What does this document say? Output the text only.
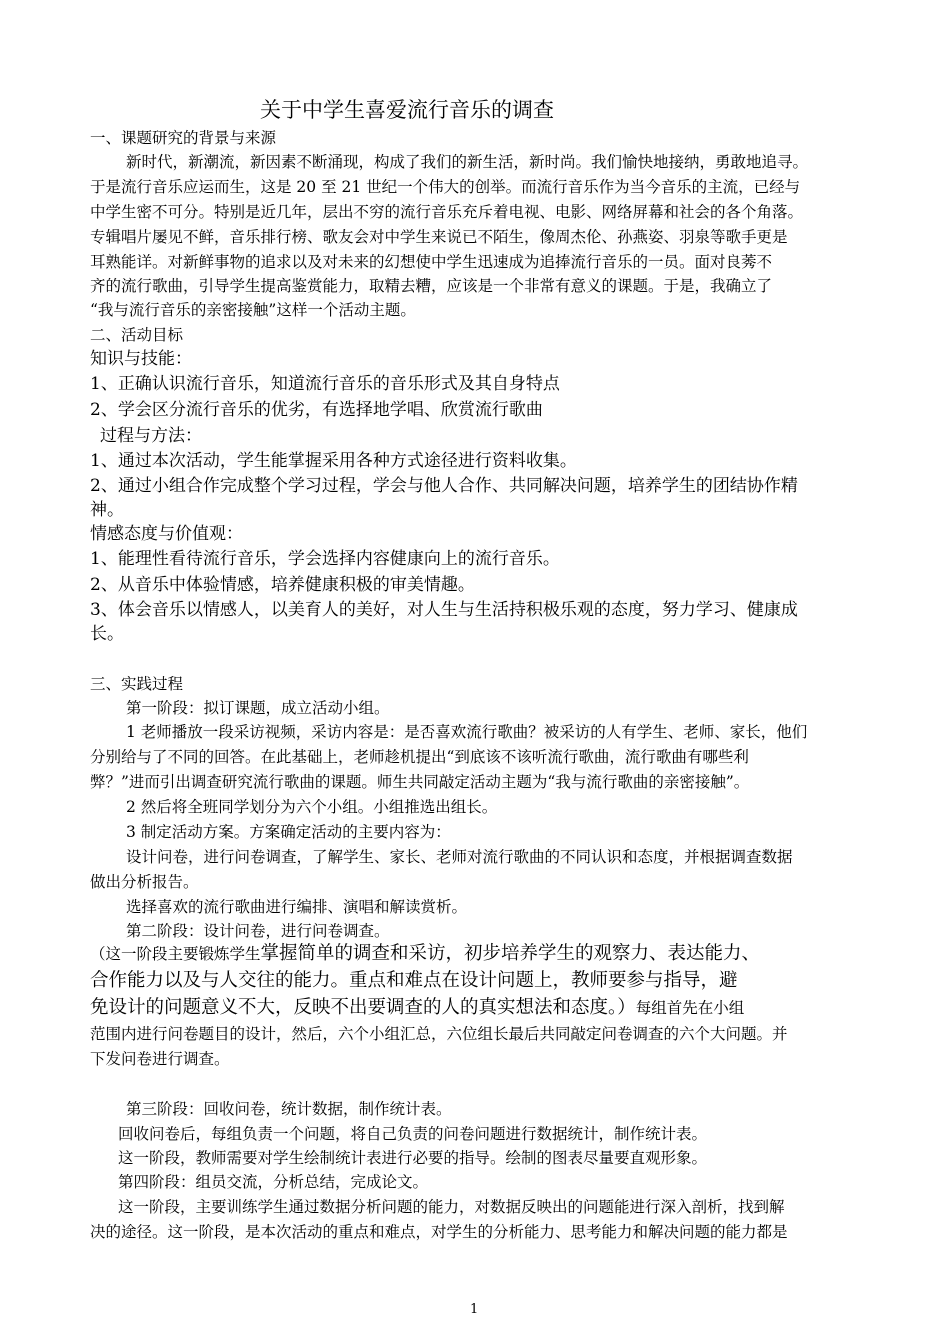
关于中学生喜爱流行音乐的调查
一、课题研究的背景与来源
新时代，新潮流，新因素不断涌现，构成了我们的新生活，新时尚。我们愉快地接纳，勇敢地追寻。
于是流行音乐应运而生，这是 20 至 21 世纪一个伟大的创举。而流行音乐作为当今音乐的主流，已经与
中学生密不可分。特别是近几年，层出不穷的流行音乐充斥着电视、电影、网络屏幕和社会的各个角落。
专辑唱片屡见不鲜，音乐排行榜、歌友会对中学生来说已不陌生，像周杰伦、孙燕姿、羽泉等歌手更是
耳熟能详。对新鲜事物的追求以及对未来的幻想使中学生迅速成为追捧流行音乐的一员。面对良莠不
齐的流行歌曲，引导学生提高鉴赏能力，取精去糟，应该是一个非常有意义的课题。于是，我确立了
“我与流行音乐的亲密接触”这样一个活动主题。
二、活动目标
知识与技能：
1、正确认识流行音乐，知道流行音乐的音乐形式及其自身特点
2、学会区分流行音乐的优劣，有选择地学唱、欣赏流行歌曲
过程与方法：
1、通过本次活动，学生能掌握采用各种方式途径进行资料收集。
2、通过小组合作完成整个学习过程，学会与他人合作、共同解决问题，培养学生的团结协作精
神。
情感态度与价值观：
1、能理性看待流行音乐，学会选择内容健康向上的流行音乐。
2、从音乐中体验情感，培养健康积极的审美情趣。
3、体会音乐以情感人，以美育人的美好，对人生与生活持积极乐观的态度，努力学习、健康成
长。
三、实践过程
第一阶段：拟订课题，成立活动小组。
1 老师播放一段采访视频，采访内容是：是否喜欢流行歌曲？被采访的人有学生、老师、家长，他们
分别给与了不同的回答。在此基础上，老师趁机提出“到底该不该听流行歌曲，流行歌曲有哪些利
弊？”进而引出调查研究流行歌曲的课题。师生共同敲定活动主题为“我与流行歌曲的亲密接触”。
2 然后将全班同学划分为六个小组。小组推选出组长。
3 制定活动方案。方案确定活动的主要内容为：
设计问卷，进行问卷调查，了解学生、家长、老师对流行歌曲的不同认识和态度，并根据调查数据
做出分析报告。
选择喜欢的流行歌曲进行编排、演唱和解读赏析。
第二阶段：设计问卷，进行问卷调查。
（这一阶段主要锻炼学生掌握简单的调查和采访，初步培养学生的观察力、表达能力、
合作能力以及与人交往的能力。重点和难点在设计问题上，教师要参与指导，避
免设计的问题意义不大，反映不出要调查的人的真实想法和态度。）每组首先在小组
范围内进行问卷题目的设计，然后，六个小组汇总，六位组长最后共同敲定问卷调查的六个大问题。并
下发问卷进行调查。
第三阶段：回收问卷，统计数据，制作统计表。
回收问卷后，每组负责一个问题，将自己负责的问卷问题进行数据统计，制作统计表。
这一阶段，教师需要对学生绘制统计表进行必要的指导。绘制的图表尽量要直观形象。
第四阶段：组员交流，分析总结，完成论文。
这一阶段，主要训练学生通过数据分析问题的能力，对数据反映出的问题能进行深入剖析，找到解
决的途径。这一阶段，是本次活动的重点和难点，对学生的分析能力、思考能力和解决问题的能力都是
1
